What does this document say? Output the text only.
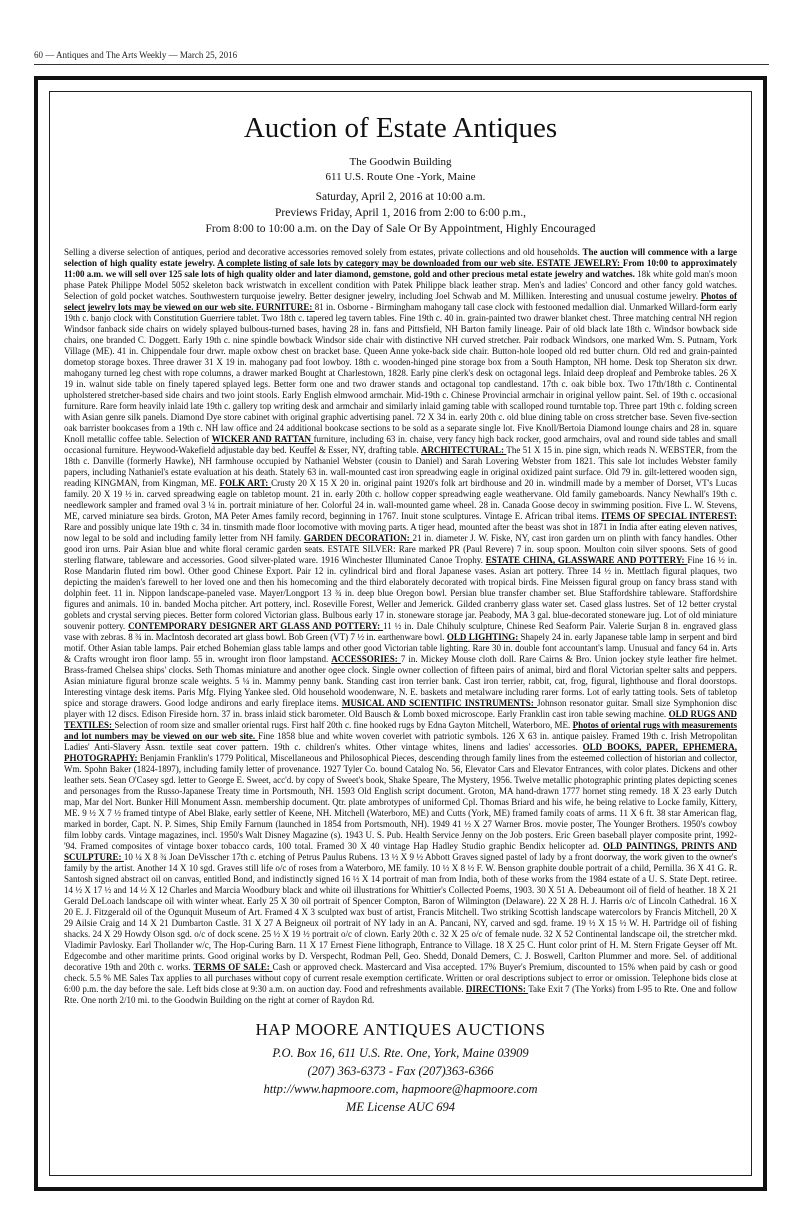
60 — Antiques and The Arts Weekly — March 25, 2016
Auction of Estate Antiques
The Goodwin Building
611 U.S. Route One -York, Maine
Saturday, April 2, 2016 at 10:00 a.m.
Previews Friday, April 1, 2016 from 2:00 to 6:00 p.m.,
From 8:00 to 10:00 a.m. on the Day of Sale Or By Appointment, Highly Encouraged
Selling a diverse selection of antiques, period and decorative accessories removed solely from estates, private collections and old households. The auction will commence with a large selection of high quality estate jewelry. A complete listing of sale lots by category may be downloaded from our web site. ESTATE JEWELRY: From 10:00 to approximately 11:00 a.m. we will sell over 125 sale lots of high quality older and later diamond, gemstone, gold and other precious metal estate jewelry and watches. 18k white gold man's moon phase Patek Philippe Model 5052 skeleton back wristwatch in excellent condition with Patek Philippe black leather strap. Men's and ladies' Concord and other fancy gold watches. Selection of gold pocket watches. Southwestern turquoise jewelry. Better designer jewelry, including Joel Schwab and M. Milliken. Interesting and unusual costume jewelry. Photos of select jewelry lots may be viewed on our web site. FURNITURE: 81 in. Osborne - Birmingham mahogany tall case clock with festooned medallion dial. Unmarked Willard-form early 19th c. banjo clock with Constitution Guerriere tablet. Two 18th c. tapered leg tavern tables. Fine 19th c. 40 in. grain-painted two drawer blanket chest. Three matching central NH region Windsor fanback side chairs on widely splayed bulbous-turned bases, having 28 in. fans and Pittsfield, NH Barton family lineage. Pair of old black late 18th c. Windsor bowback side chairs, one branded C. Doggett. Early 19th c. nine spindle bowback Windsor side chair with distinctive NH curved stretcher. Pair rodback Windsors, one marked Wm. S. Putnam, York Village (ME). 41 in. Chippendale four drwr. maple oxbow chest on bracket base. Queen Anne yoke-back side chair. Button-hole looped old red butter churn. Old red and grain-painted dometop storage boxes. Three drawer 31 X 19 in. mahogany pad foot lowboy. 18th c. wooden-hinged pine storage box from a South Hampton, NH home. Desk top Sheraton six drwr. mahogany turned leg chest with rope columns, a drawer marked Bought at Charlestown, 1828. Early pine clerk's desk on octagonal legs. Inlaid deep dropleaf and Pembroke tables. 26 X 19 in. walnut side table on finely tapered splayed legs. Better form one and two drawer stands and octagonal top candlestand. 17th c. oak bible box. Two 17th/18th c. Continental upholstered stretcher-based side chairs and two joint stools. Early English elmwood armchair. Mid-19th c. Chinese Provincial armchair in original yellow paint. Sel. of 19th c. occasional furniture. Rare form heavily inlaid late 19th c. gallery top writing desk and armchair and similarly inlaid gaming table with scalloped round turntable top. Three part 19th c. folding screen with Asian genre silk panels. Diamond Dye store cabinet with original graphic advertising panel. 72 X 34 in. early 20th c. old blue dining table on cross stretcher base. Seven five-section oak barrister bookcases from a 19th c. NH law office and 24 additional bookcase sections to be sold as a separate single lot. Five Knoll/Bertoia Diamond lounge chairs and 28 in. square Knoll metallic coffee table. Selection of WICKER AND RATTAN furniture, including 63 in. chaise, very fancy high back rocker, good armchairs, oval and round side tables and small occasional furniture. Heywood-Wakefield adjustable day bed. Keuffel & Esser, NY, drafting table. ARCHITECTURAL: The 51 X 15 in. pine sign, which reads N. WEBSTER, from the 18th c. Danville (formerly Hawke), NH farmhouse occupied by Nathaniel Webster (cousin to Daniel) and Sarah Lovering Webster from 1821. This sale lot includes Webster family papers, including Nathaniel's estate evaluation at his death. Stately 63 in. wall-mounted cast iron spreadwing eagle in original oxidized paint surface. Old 79 in. gilt-lettered wooden sign, reading KINGMAN, from Kingman, ME. FOLK ART: Crusty 20 X 15 X 20 in. original paint 1920's folk art birdhouse and 20 in. windmill made by a member of Dorset, VT's Lucas family. 20 X 19 ½ in. carved spreadwing eagle on tabletop mount. 21 in. early 20th c. hollow copper spreadwing eagle weathervane. Old family gameboards. Nancy Newhall's 19th c. needlework sampler and framed oval 3 ¼ in. portrait miniature of her. Colorful 24 in. wall-mounted game wheel. 28 in. Canada Goose decoy in swimming position. Five L. W. Stevens, ME, carved miniature sea birds. Groton, MA Peter Ames family record, beginning in 1767. Inuit stone sculptures. Vintage E. African tribal items. ITEMS OF SPECIAL INTEREST: Rare and possibly unique late 19th c. 34 in. tinsmith made floor locomotive with moving parts. A tiger head, mounted after the beast was shot in 1871 in India after eating eleven natives, now legal to be sold and including family letter from NH family. GARDEN DECORATION: 21 in. diameter J. W. Fiske, NY, cast iron garden urn on plinth with fancy handles. Other good iron urns. Pair Asian blue and white floral ceramic garden seats. ESTATE SILVER: Rare marked PR (Paul Revere) 7 in. soup spoon. Moulton coin silver spoons. Sets of good sterling flatware, tableware and accessories. Good silver-plated ware. 1916 Winchester Illuminated Canoe Trophy. ESTATE CHINA, GLASSWARE AND POTTERY: Fine 16 ½ in. Rose Mandarin fluted rim bowl. Other good Chinese Export. Pair 12 in. cylindrical bird and floral Japanese vases. Asian art pottery. Three 14 ½ in. Mettlach figural plaques, two depicting the maiden's farewell to her loved one and then his homecoming and the third elaborately decorated with tropical birds. Fine Meissen figural group on fancy brass stand with dolphin feet. 11 in. Nippon landscape-paneled vase. Mayer/Longport 13 ¾ in. deep blue Oregon bowl. Persian blue transfer chamber set. Blue Staffordshire tableware. Staffordshire figures and animals. 10 in. banded Mocha pitcher. Art pottery, incl. Roseville Forest, Weller and Jemerick. Gilded cranberry glass water set. Cased glass lustres. Set of 12 better crystal goblets and crystal serving pieces. Better form colored Victorian glass. Bulbous early 17 in. stoneware storage jar. Peabody, MA 3 gal. blue-decorated stoneware jug. Lot of old miniature souvenir pottery. CONTEMPORARY DESIGNER ART GLASS AND POTTERY: 11 ½ in. Dale Chihuly sculpture, Chinese Red Seaform Pair. Valerie Surjan 8 in. engraved glass vase with zebras. 8 ¾ in. MacIntosh decorated art glass bowl. Bob Green (VT) 7 ½ in. earthenware bowl. OLD LIGHTING: Shapely 24 in. early Japanese table lamp in serpent and bird motif. Other Asian table lamps. Pair etched Bohemian glass table lamps and other good Victorian table lighting. Rare 30 in. double font accountant's lamp. Unusual and fancy 64 in. Arts & Crafts wrought iron floor lamp. 55 in. wrought iron floor lampstand. ACCESSORIES: 7 in. Mickey Mouse cloth doll. Rare Cairns & Bro. Union jockey style leather fire helmet. Brass-framed Chelsea ships' clocks. Seth Thomas miniature and another ogee clock. Single owner collection of fifteen pairs of animal, bird and floral Victorian spelter salts and peppers. Asian miniature figural bronze scale weights. 5 ¼ in. Mammy penny bank. Standing cast iron terrier bank. Cast iron terrier, rabbit, cat, frog, figural, lighthouse and floral doorstops. Interesting vintage desk items. Paris Mfg. Flying Yankee sled. Old household woodenware, N. E. baskets and metalware including rarer forms. Lot of early tatting tools. Sets of tabletop spice and storage drawers. Good lodge andirons and early fireplace items. MUSICAL AND SCIENTIFIC INSTRUMENTS: Johnson resonator guitar. Small size Symphonion disc player with 12 discs. Edison Fireside horn. 37 in. brass inlaid stick barometer. Old Bausch & Lomb boxed microscope. Early Franklin cast iron table sewing machine. OLD RUGS AND TEXTILES: Selection of room size and smaller oriental rugs. First half 20th c. fine hooked rugs by Edna Gayton Mitchell, Waterboro, ME. Photos of oriental rugs with measurements and lot numbers may be viewed on our web site. Fine 1858 blue and white woven coverlet with patriotic symbols. 126 X 63 in. antique paisley. Framed 19th c. Irish Metropolitan Ladies' Anti-Slavery Assn. textile seat cover pattern. 19th c. children's whites. Other vintage whites, linens and ladies' accessories. OLD BOOKS, PAPER, EPHEMERA, PHOTOGRAPHY: Benjamin Franklin's 1779 Political, Miscellaneous and Philosophical Pieces, descending through family lines from the esteemed collection of historian and collector, Wm. Spohn Baker (1824-1897), including family letter of provenance. 1927 Tyler Co. bound Catalog No. 56, Elevator Cars and Elevator Entrances, with color plates. Dickens and other leather sets. Sean O'Casey sgd. letter to George E. Sweet, acc'd. by copy of Sweet's book, Shake Speare, The Mystery, 1956. Twelve metallic photographic printing plates depicting scenes and personages from the Russo-Japanese Treaty time in Portsmouth, NH. 1593 Old English script document. Groton, MA hand-drawn 1777 hornet sting remedy. 18 X 23 early Dutch map, Mar del Nort. Bunker Hill Monument Assn. membership document. Qtr. plate ambrotypes of uniformed Cpl. Thomas Briard and his wife, he being relative to Locke family, Kittery, ME. 9 ½ X 7 ½ framed tintype of Abel Blake, early settler of Keene, NH. Mitchell (Waterboro, ME) and Cutts (York, ME) framed family coats of arms. 11 X 6 ft. 38 star American flag, marked in border, Capt. N. P. Simes, Ship Emily Farnum (launched in 1854 from Portsmouth, NH). 1949 41 ½ X 27 Warner Bros. movie poster, The Younger Brothers. 1950's cowboy film lobby cards. Vintage magazines, incl. 1950's Walt Disney Magazine (s). 1943 U. S. Pub. Health Service Jenny on the Job posters. Eric Green baseball player composite print, 1992-'94. Framed composites of vintage boxer tobacco cards, 100 total. Framed 30 X 40 vintage Hap Hadley Studio graphic Bendix helicopter ad. OLD PAINTINGS, PRINTS AND SCULPTURE: 10 ¼ X 8 ¾ Joan DeVisscher 17th c. etching of Petrus Paulus Rubens. 13 ½ X 9 ½ Abbott Graves signed pastel of lady by a front doorway, the work given to the owner's family by the artist. Another 14 X 10 sgd. Graves still life o/c of roses from a Waterboro, ME family. 10 ½ X 8 ½ F. W. Benson graphite double portrait of a child, Pernilla. 36 X 41 G. R. Santosh signed abstract oil on canvas, entitled Bond, and indistinctly signed 16 ½ X 14 portrait of man from India, both of these works from the 1984 estate of a U. S. State Dept. retiree. 14 ½ X 17 ½ and 14 ½ X 12 Charles and Marcia Woodbury black and white oil illustrations for Whittier's Collected Poems, 1903. 30 X 51 A. Debeaumont oil of field of heather. 18 X 21 Gerald DeLoach landscape oil with winter wheat. Early 25 X 30 oil portrait of Spencer Compton, Baron of Wilmington (Delaware). 22 X 28 H. J. Harris o/c of Lincoln Cathedral. 16 X 20 E. J. Fitzgerald oil of the Ogunquit Museum of Art. Framed 4 X 3 sculpted wax bust of artist, Francis Mitchell. Two striking Scottish landscape watercolors by Francis Mitchell, 20 X 29 Ailsie Craig and 14 X 21 Dumbarton Castle. 31 X 27 A Beigneux oil portrait of NY lady in an A. Pancani, NY, carved and sgd. frame. 19 ½ X 15 ½ W. H. Partridge oil of fishing shacks. 24 X 29 Howdy Olson sgd. o/c of dock scene. 25 ½ X 19 ½ portrait o/c of clown. Early 20th c. 32 X 25 o/c of female nude. 32 X 52 Continental landscape oil, the stretcher mkd. Vladimir Pavlosky. Earl Thollander w/c, The Hop-Curing Barn. 11 X 17 Ernest Fiene lithograph, Entrance to Village. 18 X 25 C. Hunt color print of H. M. Stern Frigate Geyser off Mt. Edgecombe and other maritime prints. Good original works by D. Verspecht, Rodman Pell, Geo. Shedd, Donald Demers, C. J. Boswell, Carlton Plummer and more. Sel. of additional decorative 19th and 20th c. works. TERMS OF SALE: Cash or approved check. Mastercard and Visa accepted. 17% Buyer's Premium, discounted to 15% when paid by cash or good check. 5.5 % ME Sales Tax applies to all purchases without copy of current resale exemption certificate. Written or oral descriptions subject to error or omission. Telephone bids close at 6:00 p.m. the day before the sale. Left bids close at 9:30 a.m. on auction day. Food and refreshments available. DIRECTIONS: Take Exit 7 (The Yorks) from I-95 to Rte. One and follow Rte. One north 2/10 mi. to the Goodwin Building on the right at corner of Raydon Rd.
HAP MOORE ANTIQUES AUCTIONS
P.O. Box 16, 611 U.S. Rte. One, York, Maine 03909
(207) 363-6373 - Fax (207)363-6366
http://www.hapmoore.com, hapmoore@hapmoore.com
ME License AUC 694
